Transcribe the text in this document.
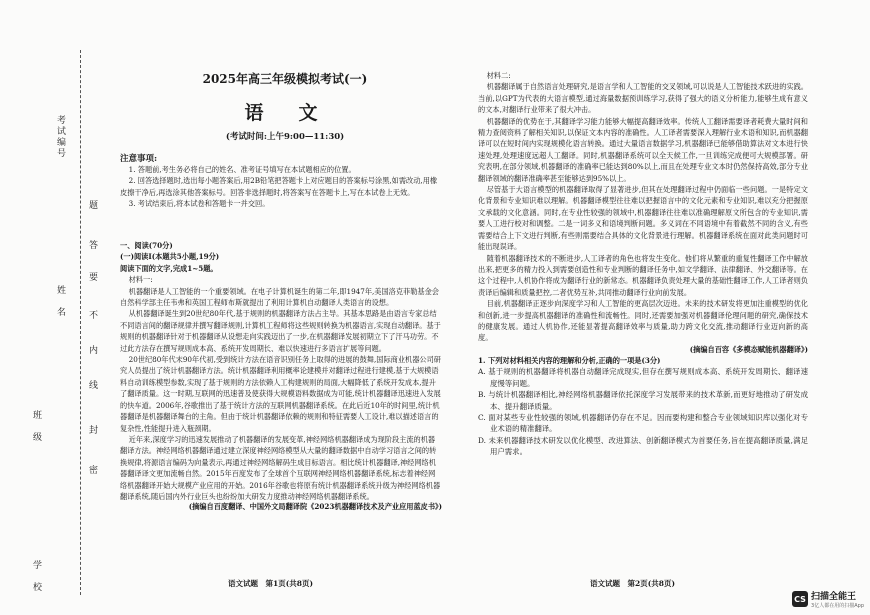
考试编号
姓　名
班　级
学　校
题
答
要
不
内
线
封
密
2025年高三年级模拟考试(一)
语　文
(考试时间:上午9:00—11:30)
注意事项:

1. 答题前,考生务必将自己的姓名、准考证号填写在本试题相应的位置。

2. 回答选择题时,选出每小题答案后,用2B铅笔把答题卡上对应题目的答案标号涂黑,如需改动,用橡皮擦干净后,再选涂其他答案标号。回答非选择题时,将答案写在答题卡上,写在本试卷上无效。

3. 考试结束后,将本试卷和答题卡一并交回。

一、阅读(70分)
(一)阅读Ⅰ(本题共5小题,19分)
阅读下面的文字,完成1~5题。
材料一:

机器翻译是人工智能的一个重要领域。在电子计算机诞生的第二年,即1947年,美国洛克菲勒基金会自然科学部主任韦弗和英国工程师布斯就提出了利用计算机自动翻译人类语言的设想。

从机器翻译诞生到20世纪80年代,基于规则的机器翻译方法占主导。其基本思路是由语言专家总结不同语言间的翻译规律并撰写翻译规则,计算机工程师将这些规则转换为机器语言,实现自动翻译。基于规则的机器翻译针对于机器翻译从设想走向实践迈出了一步,在机器翻译发展初期立下了汗马功劳。不过此方法存在撰写规则成本高、系统开发周期长、难以快速进行多语言扩展等问题。

20世纪80年代末90年代初,受到统计方法在语音识别任务上取得的进展的鼓舞,国际商业机器公司研究人员提出了统计机器翻译方法。统计机器翻译利用概率论建模并对翻译过程进行建模,基于大规模语料自动训练模型参数,实现了基于规则的方法依赖人工构建规则的局面,大幅降低了系统开发成本,提升了翻译质量。这一时期,互联网的迅速普及使获得大规模语料数据成为可能,统计机器翻译迅速进入发展的快车道。2006年,谷歌推出了基于统计方法的互联网机器翻译系统。在此后近10年的时间里,统计机器翻译是机器翻译舞台的主角。但由于统计机器翻译依赖的规则和特征需要人工设计,难以描述语言的复杂性,性能提升进入瓶颈期。

近年来,深度学习的迅速发展推动了机器翻译的发展变革,神经网络机器翻译成为现阶段主流的机器翻译方法。神经网络机器翻译通过建立深度神经网络模型从大量的翻译数据中自动学习语言之间的转换规律,将源语言编码为向量表示,再通过神经网络解码生成目标语言。相比统计机器翻译,神经网络机器翻译译文更加流畅自然。2015年百度发布了全球首个互联网神经网络机器翻译系统,标志着神经网络机器翻译开始大规模产业应用的开始。2016年谷歌也将原有统计机器翻译系统升级为神经网络机器翻译系统,随后国内外行业巨头也纷纷加大研发力度推动神经网络机器翻译系统。

(摘编自百度翻译、中国外文局翻译院《2023机器翻译技术及产业应用蓝皮书》)
材料二:

机器翻译属于自然语言处理研究,是语言学和人工智能的交叉领域,可以说是人工智能技术跃进的实践。当前,以GPT为代表的大语言模型,通过海量数据预训练学习,获得了强大的语义分析能力,能够生成有意义的文本,对翻译行业带来了很大冲击。

机器翻译的优势在于,其翻译学习能力能够大幅提高翻译效率。传统人工翻译需要译者耗费大量时间和精力查阅资料了解相关知识,以保证文本内容的准确性。人工译者需要深入理解行业术语和知识,而机器翻译可以在短时间内实现规模化语言转换。通过大量语言数据学习,机器翻译已能够借助算法对文本进行快速处理,处理速度远超人工翻译。同时,机器翻译系统可以全天候工作,一旦训练完成便可大规模部署。研究表明,在部分领域,机器翻译的准确率已能达到80%以上,而且在处理专业文本时仍然保持高效,部分专业翻译领域的翻译准确率甚至能够达到95%以上。

尽管基于大语言模型的机器翻译取得了显著进步,但其在处理翻译过程中仍面临一些问题。一是特定文化背景和专业知识难以理解。机器翻译模型往往难以把握语言中的文化元素和专业知识,难以充分把握原文承载的文化意涵。同时,在专业性较强的领域中,机器翻译往往难以准确理解原文所包含的专业知识,需要人工进行校对和调整。二是一词多义和语境判断问题。多义词在不同语境中有着截然不同的含义,有些需要结合上下文进行判断,有些则需要结合具体的文化背景进行理解。机器翻译系统在面对此类问题时可能出现误译。

随着机器翻译技术的不断进步,人工译者的角色也将发生变化。他们将从繁重的重复性翻译工作中解放出来,把更多的精力投入到需要创造性和专业判断的翻译任务中,如文学翻译、法律翻译、外交翻译等。在这个过程中,人机协作将成为翻译行业的新常态。机器翻译负责处理大量的基础性翻译工作,人工译者则负责译后编辑和质量把控,二者优势互补,共同推动翻译行业向前发展。

目前,机器翻译正逐步向深度学习和人工智能的更高层次迈进。未来的技术研发将更加注重模型的优化和创新,进一步提高机器翻译的准确性和流畅性。同时,还需要加强对机器翻译伦理问题的研究,确保技术的健康发展。通过人机协作,还能显著提高翻译效率与质量,助力跨文化交流,推动翻译行业迈向新的高度。

(摘编自百容《多模态赋能机器翻译》)
1. 下列对材料相关内容的理解和分析,正确的一项是(3分)

A. 基于规则的机器翻译将机器自动翻译完成现实,但存在撰写规则成本高、系统开发周期长、翻译速度慢等问题。

B. 与统计机器翻译相比,神经网络机器翻译依托深度学习发展带来的技术革新,而更好地推动了研发成本、提升翻译质量。

C. 面对某些专业性较强的领域,机器翻译仍存在不足。因而要构建和整合专业领域知识库以强化对专业术语的精准翻译。

D. 未来机器翻译技术研发以优化模型、改进算法、创新翻译模式为首要任务,旨在提高翻译质量,满足用户需求。

语文试题　第1页(共8页)	语文试题　第2页(共8页)
CS 扫描全能王
3亿人都在用的扫描App
